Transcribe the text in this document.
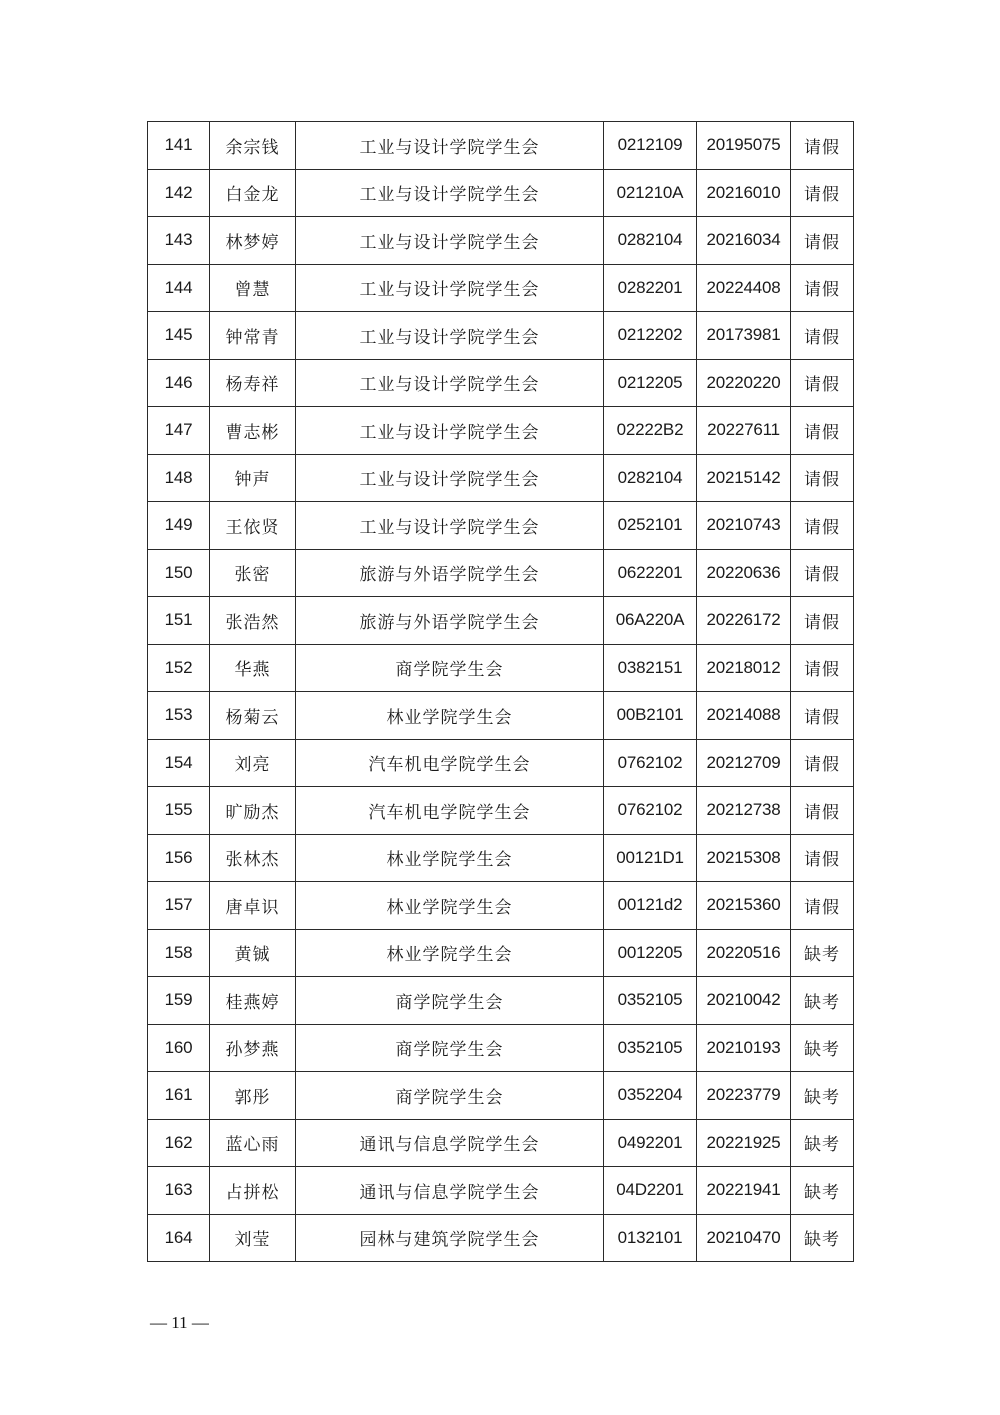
141	余宗钱	工业与设计学院学生会	0212109	20195075	请假
142	白金龙	工业与设计学院学生会	021210A	20216010	请假
143	林梦婷	工业与设计学院学生会	0282104	20216034	请假
144	曾慧	工业与设计学院学生会	0282201	20224408	请假
145	钟常青	工业与设计学院学生会	0212202	20173981	请假
146	杨寿祥	工业与设计学院学生会	0212205	20220220	请假
147	曹志彬	工业与设计学院学生会	02222B2	20227611	请假
148	钟声	工业与设计学院学生会	0282104	20215142	请假
149	王依贤	工业与设计学院学生会	0252101	20210743	请假
150	张密	旅游与外语学院学生会	0622201	20220636	请假
151	张浩然	旅游与外语学院学生会	06A220A	20226172	请假
152	华燕	商学院学生会	0382151	20218012	请假
153	杨菊云	林业学院学生会	00B2101	20214088	请假
154	刘亮	汽车机电学院学生会	0762102	20212709	请假
155	旷励杰	汽车机电学院学生会	0762102	20212738	请假
156	张林杰	林业学院学生会	00121D1	20215308	请假
157	唐卓识	林业学院学生会	00121d2	20215360	请假
158	黄铖	林业学院学生会	0012205	20220516	缺考
159	桂燕婷	商学院学生会	0352105	20210042	缺考
160	孙梦燕	商学院学生会	0352105	20210193	缺考
161	郭彤	商学院学生会	0352204	20223779	缺考
162	蓝心雨	通讯与信息学院学生会	0492201	20221925	缺考
163	占拼松	通讯与信息学院学生会	04D2201	20221941	缺考
164	刘莹	园林与建筑学院学生会	0132101	20210470	缺考
— 11 —
